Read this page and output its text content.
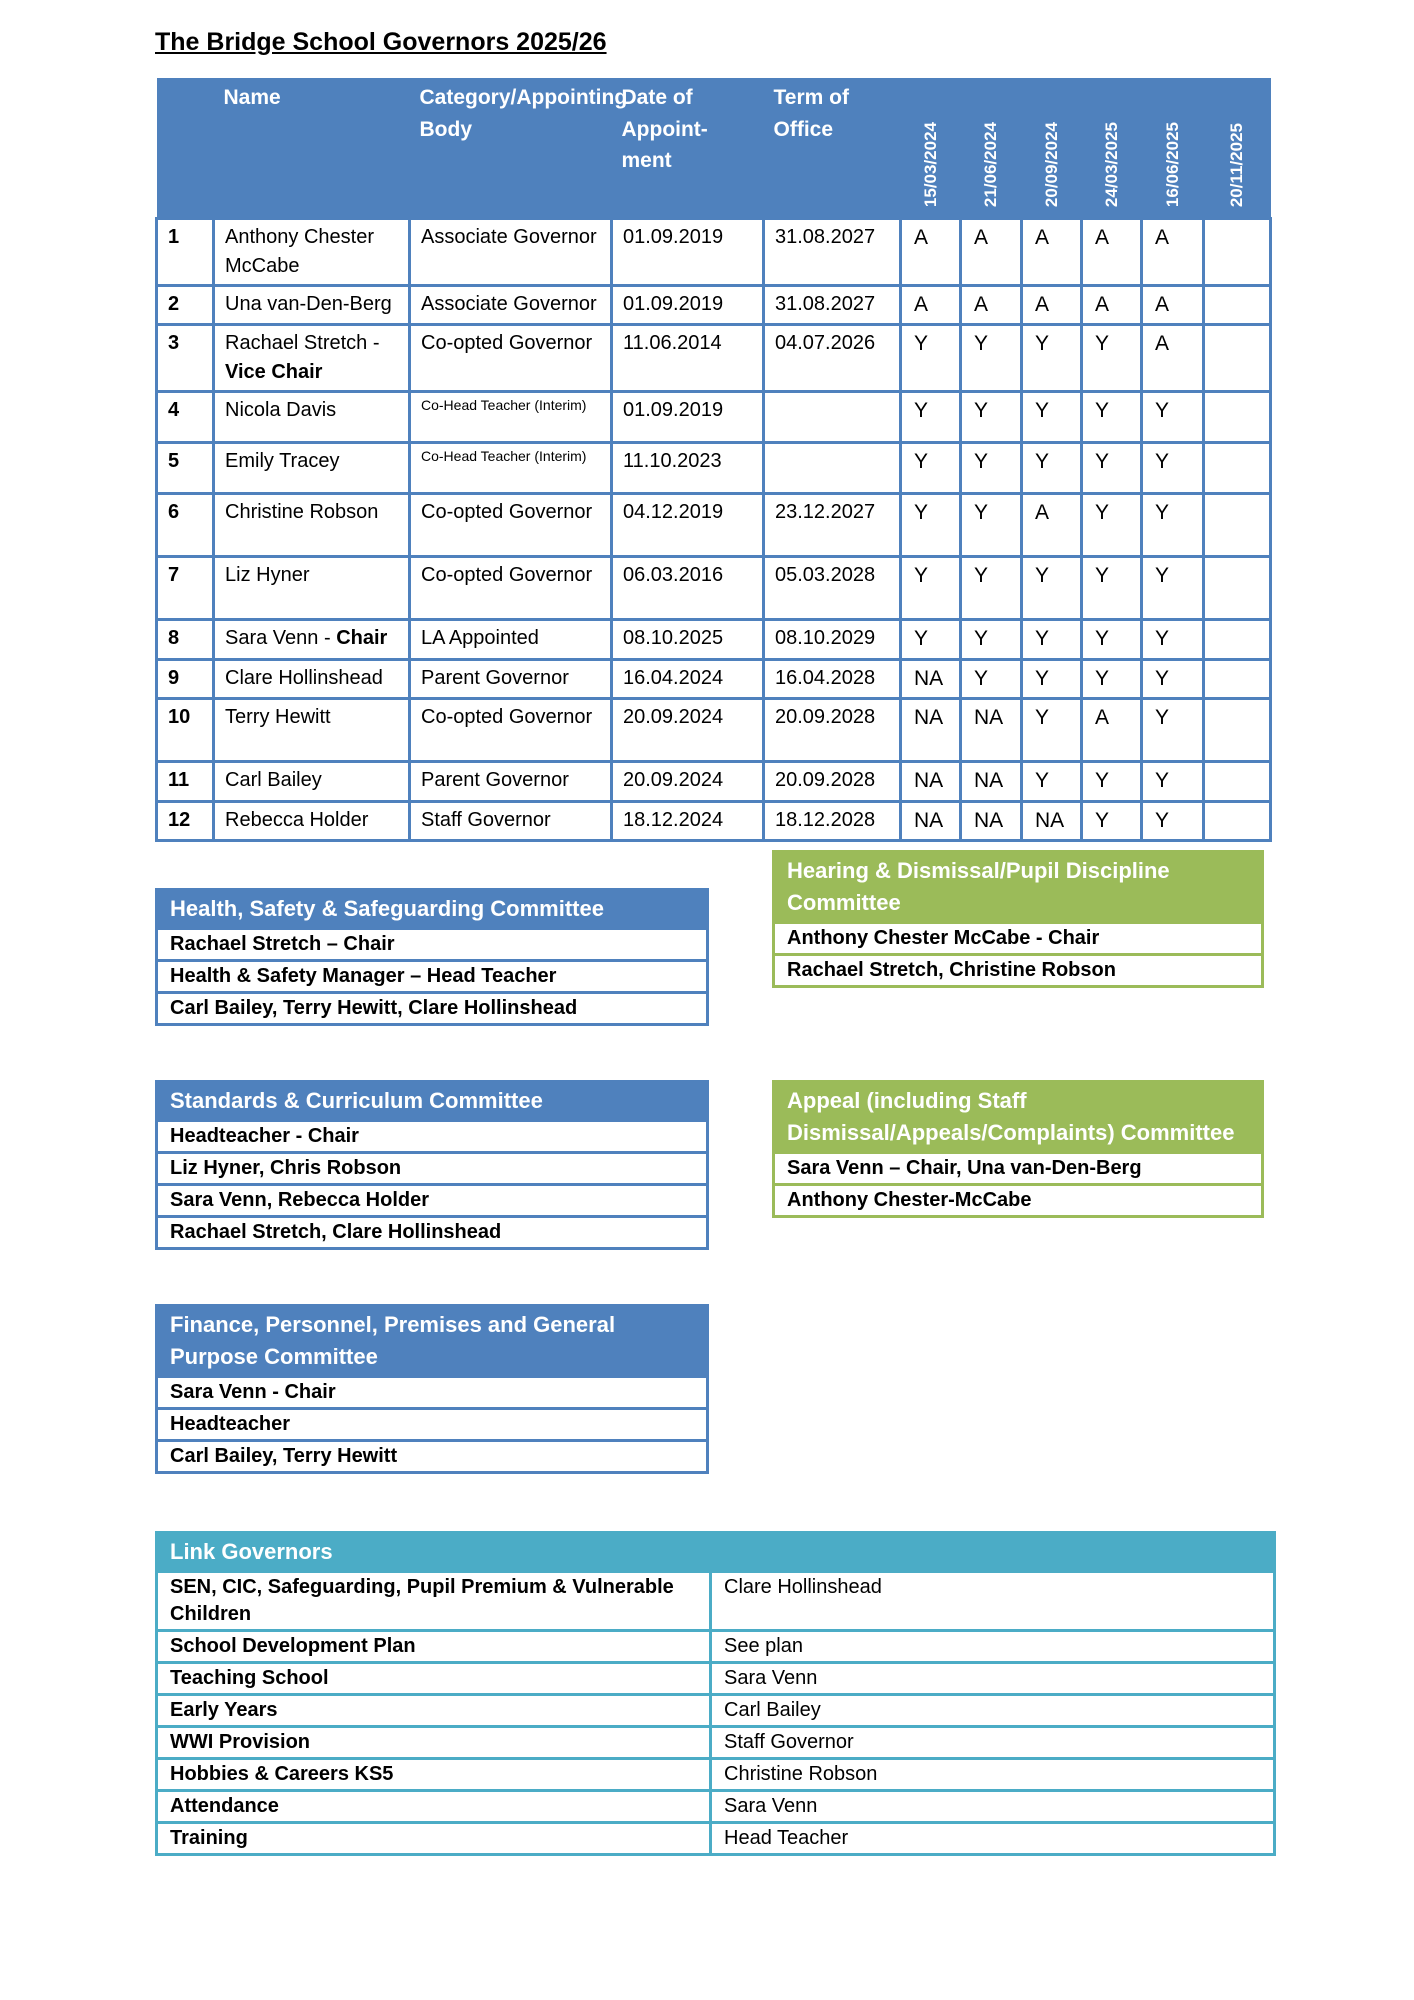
The Bridge School Governors 2025/26
	Name	Category/Appointing Body	Date of Appoint-ment	Term of Office	15/03/2024	21/06/2024	20/09/2024	24/03/2025	16/06/2025	20/11/2025

1	Anthony Chester McCabe	Associate Governor	01.09.2019	31.08.2027	A	A	A	A	A	
2	Una van-Den-Berg	Associate Governor	01.09.2019	31.08.2027	A	A	A	A	A	
3	Rachael Stretch - Vice Chair	Co-opted Governor	11.06.2014	04.07.2026	Y	Y	Y	Y	A	
4	Nicola Davis	Co-Head Teacher (Interim)	01.09.2019		Y	Y	Y	Y	Y	
5	Emily Tracey	Co-Head Teacher (Interim)	11.10.2023		Y	Y	Y	Y	Y	
6	Christine Robson	Co-opted Governor	04.12.2019	23.12.2027	Y	Y	A	Y	Y	
7	Liz Hyner	Co-opted Governor	06.03.2016	05.03.2028	Y	Y	Y	Y	Y	
8	Sara Venn - Chair	LA Appointed	08.10.2025	08.10.2029	Y	Y	Y	Y	Y	
9	Clare Hollinshead	Parent Governor	16.04.2024	16.04.2028	NA	Y	Y	Y	Y	
10	Terry Hewitt	Co-opted Governor	20.09.2024	20.09.2028	NA	NA	Y	A	Y	
11	Carl Bailey	Parent Governor	20.09.2024	20.09.2028	NA	NA	Y	Y	Y	
12	Rebecca Holder	Staff Governor	18.12.2024	18.12.2028	NA	NA	NA	Y	Y	
Health, Safety & Safeguarding Committee
Rachael Stretch – Chair
Health & Safety Manager – Head Teacher
Carl Bailey, Terry Hewitt, Clare Hollinshead
Hearing & Dismissal/Pupil Discipline Committee
Anthony Chester McCabe - Chair
Rachael Stretch, Christine Robson
Standards & Curriculum Committee
Headteacher - Chair
Liz Hyner, Chris Robson
Sara Venn, Rebecca Holder
Rachael Stretch, Clare Hollinshead
Appeal (including Staff Dismissal/Appeals/Complaints) Committee
Sara Venn – Chair, Una van-Den-Berg
Anthony Chester-McCabe
Finance, Personnel, Premises and General Purpose Committee
Sara Venn - Chair
Headteacher
Carl Bailey, Terry Hewitt
Link Governors	
SEN, CIC, Safeguarding, Pupil Premium & Vulnerable Children	Clare Hollinshead
School Development Plan	See plan
Teaching School	Sara Venn
Early Years	Carl Bailey
WWI Provision	Staff Governor
Hobbies & Careers KS5	Christine Robson
Attendance	Sara Venn
Training	Head Teacher
